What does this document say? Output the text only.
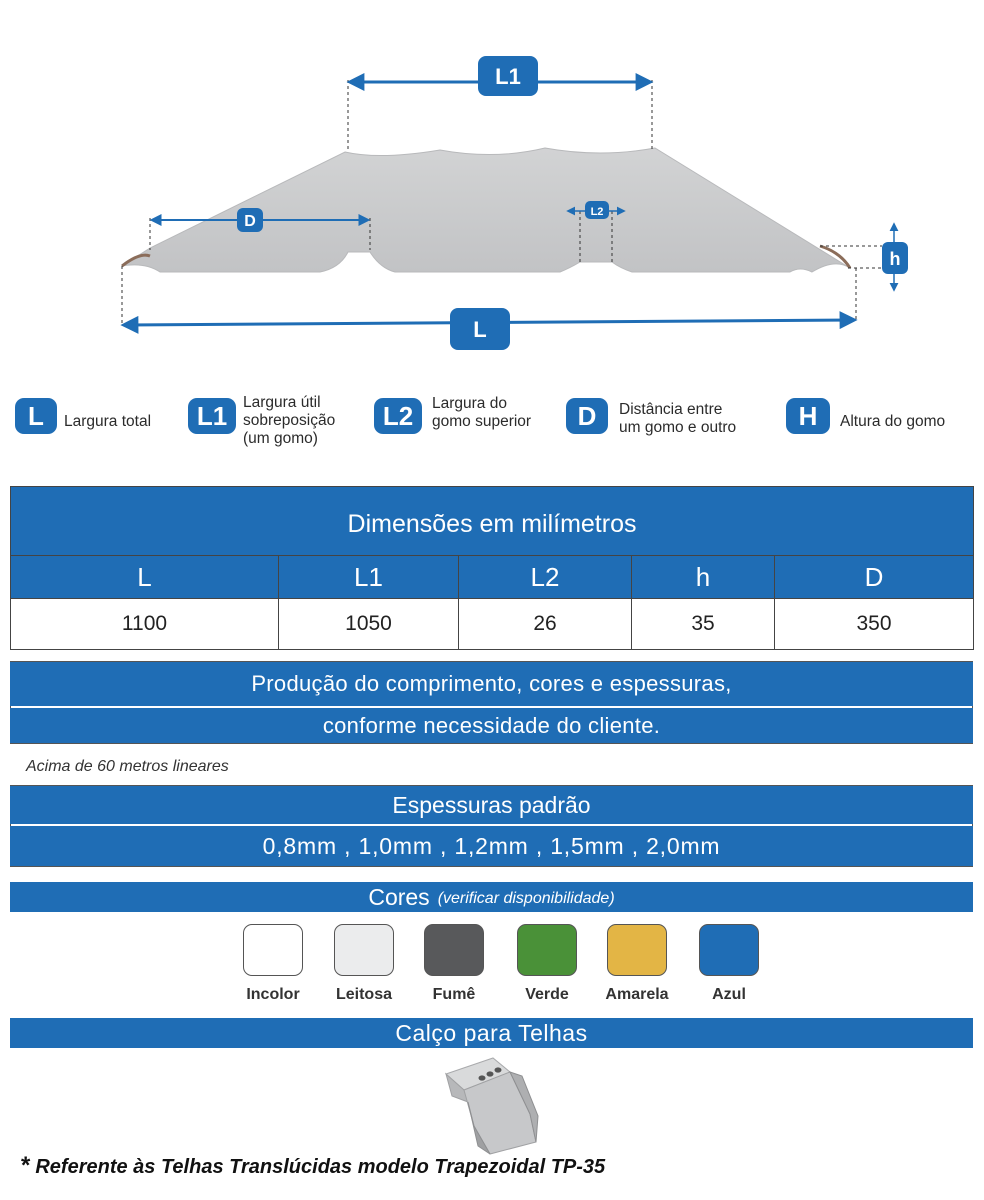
L1
D
L2
h
L
L	Largura total	L1	Largura útil
sobreposição
(um gomo)
L2	Largura do
gomo superior	D	Distância entre
um gomo e outro	H	Altura do gomo
Dimensões em milímetros				
L	L1	L2	h	D
1100	1050	26	35	350
Produção do comprimento, cores e espessuras,
conforme necessidade do cliente.
Acima de 60 metros lineares
Espessuras padrão
0,8mm , 1,0mm , 1,2mm , 1,5mm , 2,0mm
Cores (verificar disponibilidade)
Incolor	Leitosa	Fumê	Verde	Amarela	Azul
Calço para Telhas
* Referente às Telhas Translúcidas modelo Trapezoidal TP-35
